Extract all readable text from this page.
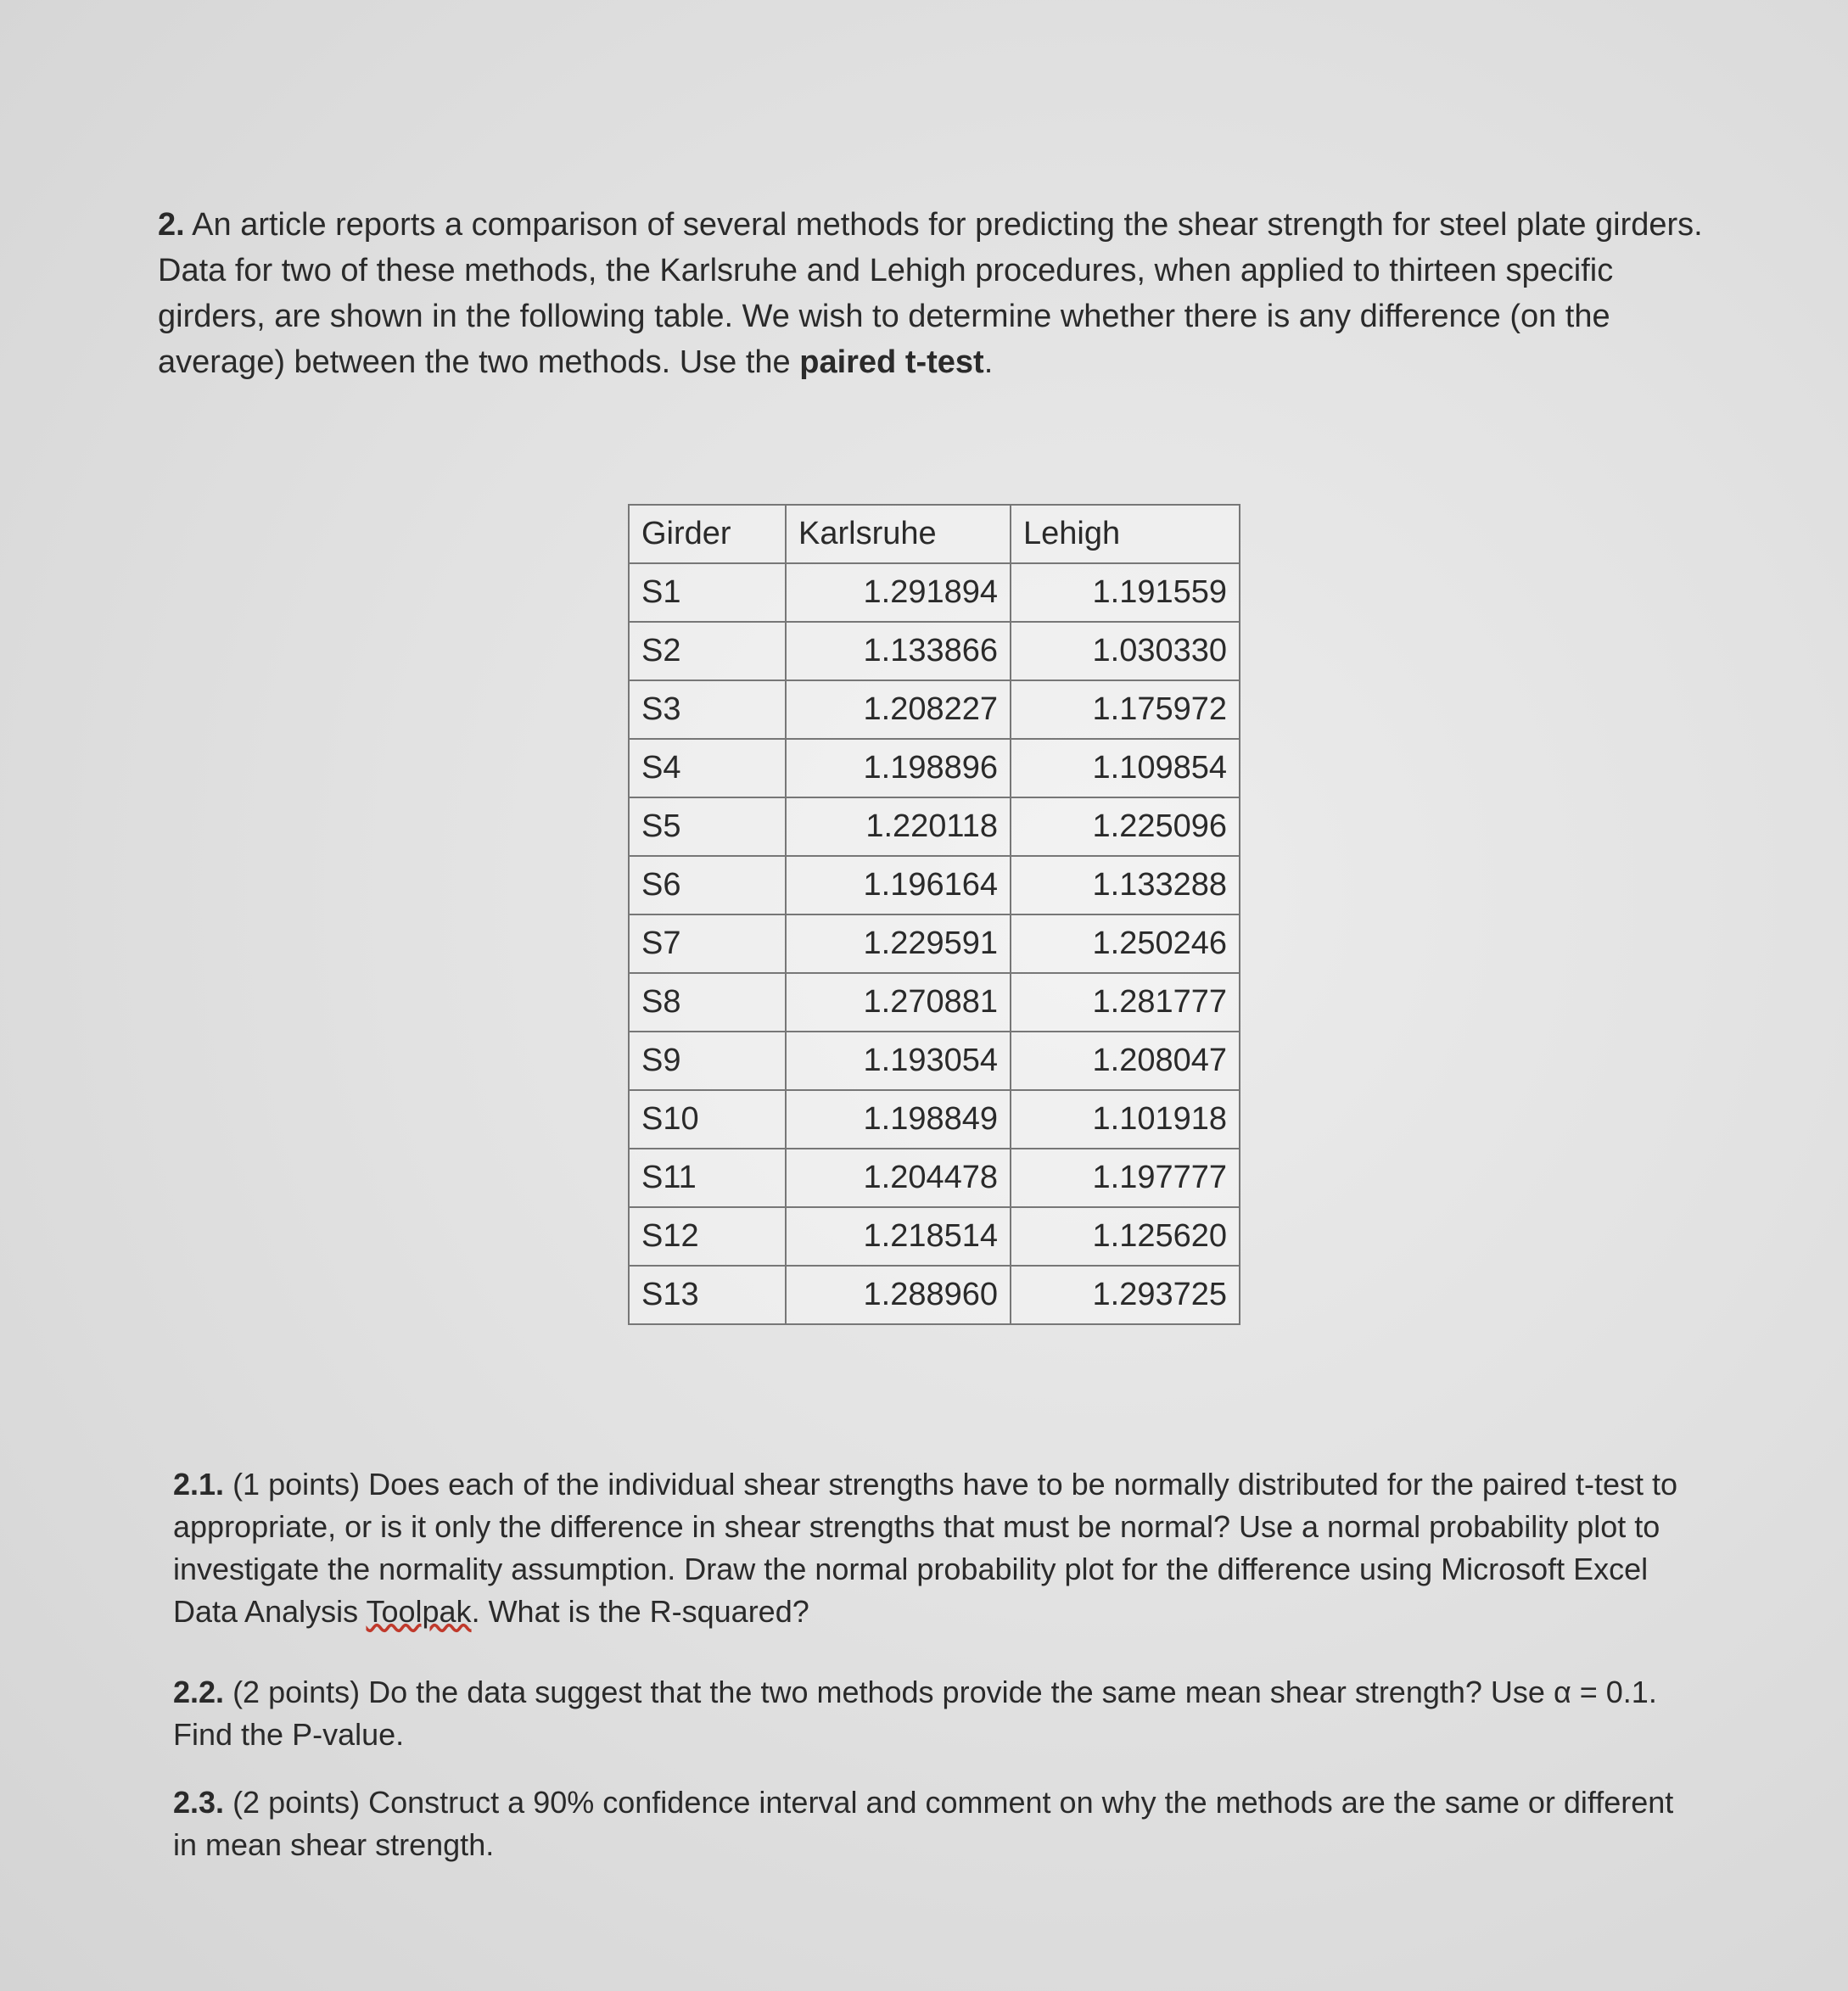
2. An article reports a comparison of several methods for predicting the shear strength for steel plate girders. Data for two of these methods, the Karlsruhe and Lehigh procedures, when applied to thirteen specific girders, are shown in the following table. We wish to determine whether there is any difference (on the average) between the two methods. Use the paired t-test.

Girder	Karlsruhe	Lehigh
S1	1.291894	1.191559
S2	1.133866	1.030330
S3	1.208227	1.175972
S4	1.198896	1.109854
S5	1.220118	1.225096
S6	1.196164	1.133288
S7	1.229591	1.250246
S8	1.270881	1.281777
S9	1.193054	1.208047
S10	1.198849	1.101918
S11	1.204478	1.197777
S12	1.218514	1.125620
S13	1.288960	1.293725

2.1. (1 points) Does each of the individual shear strengths have to be normally distributed for the paired t-test to appropriate, or is it only the difference in shear strengths that must be normal? Use a normal probability plot to investigate the normality assumption. Draw the normal probability plot for the difference using Microsoft Excel Data Analysis Toolpak. What is the R-squared?

2.2. (2 points) Do the data suggest that the two methods provide the same mean shear strength? Use α = 0.1. Find the P-value.

2.3. (2 points) Construct a 90% confidence interval and comment on why the methods are the same or different in mean shear strength.
